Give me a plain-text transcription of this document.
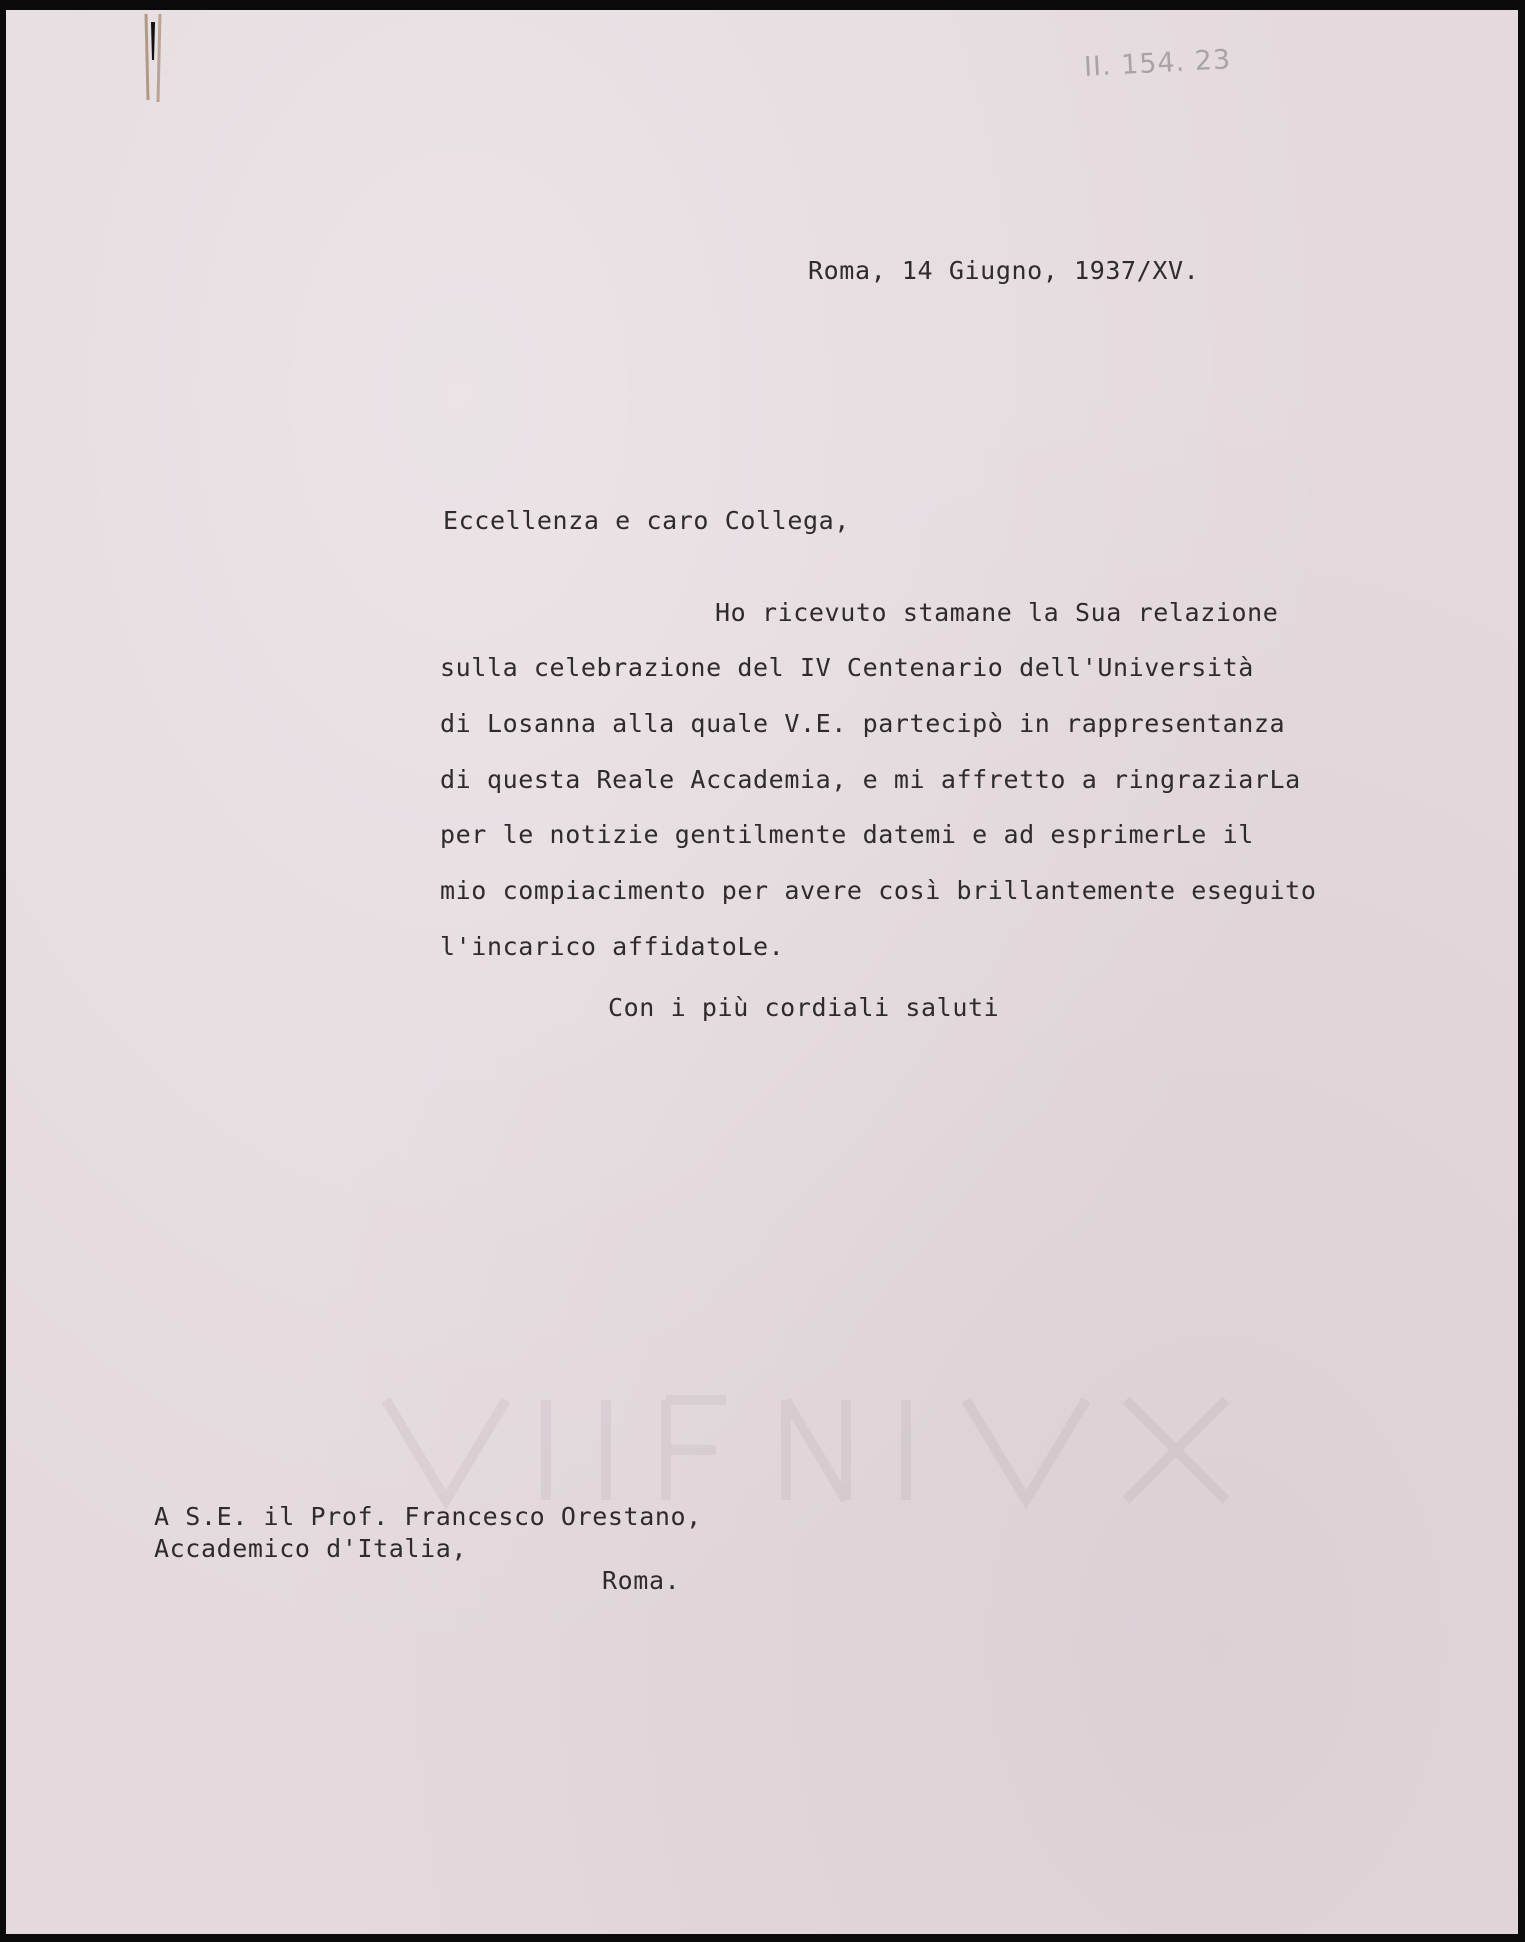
II. 154. 23

Roma, 14 Giugno, 1937/XV.

Eccellenza e caro Collega,

Ho ricevuto stamane la Sua relazione

sulla celebrazione del IV Centenario dell'Università

di Losanna alla quale V.E. partecipò in rappresentanza

di questa Reale Accademia, e mi affretto a ringraziarLa

per le notizie gentilmente datemi e ad esprimerLe il

mio compiacimento per avere così brillantemente eseguito

l'incarico affidatoLe.

Con i più cordiali saluti

A S.E. il Prof. Francesco Orestano,

Accademico d'Italia,

Roma.
